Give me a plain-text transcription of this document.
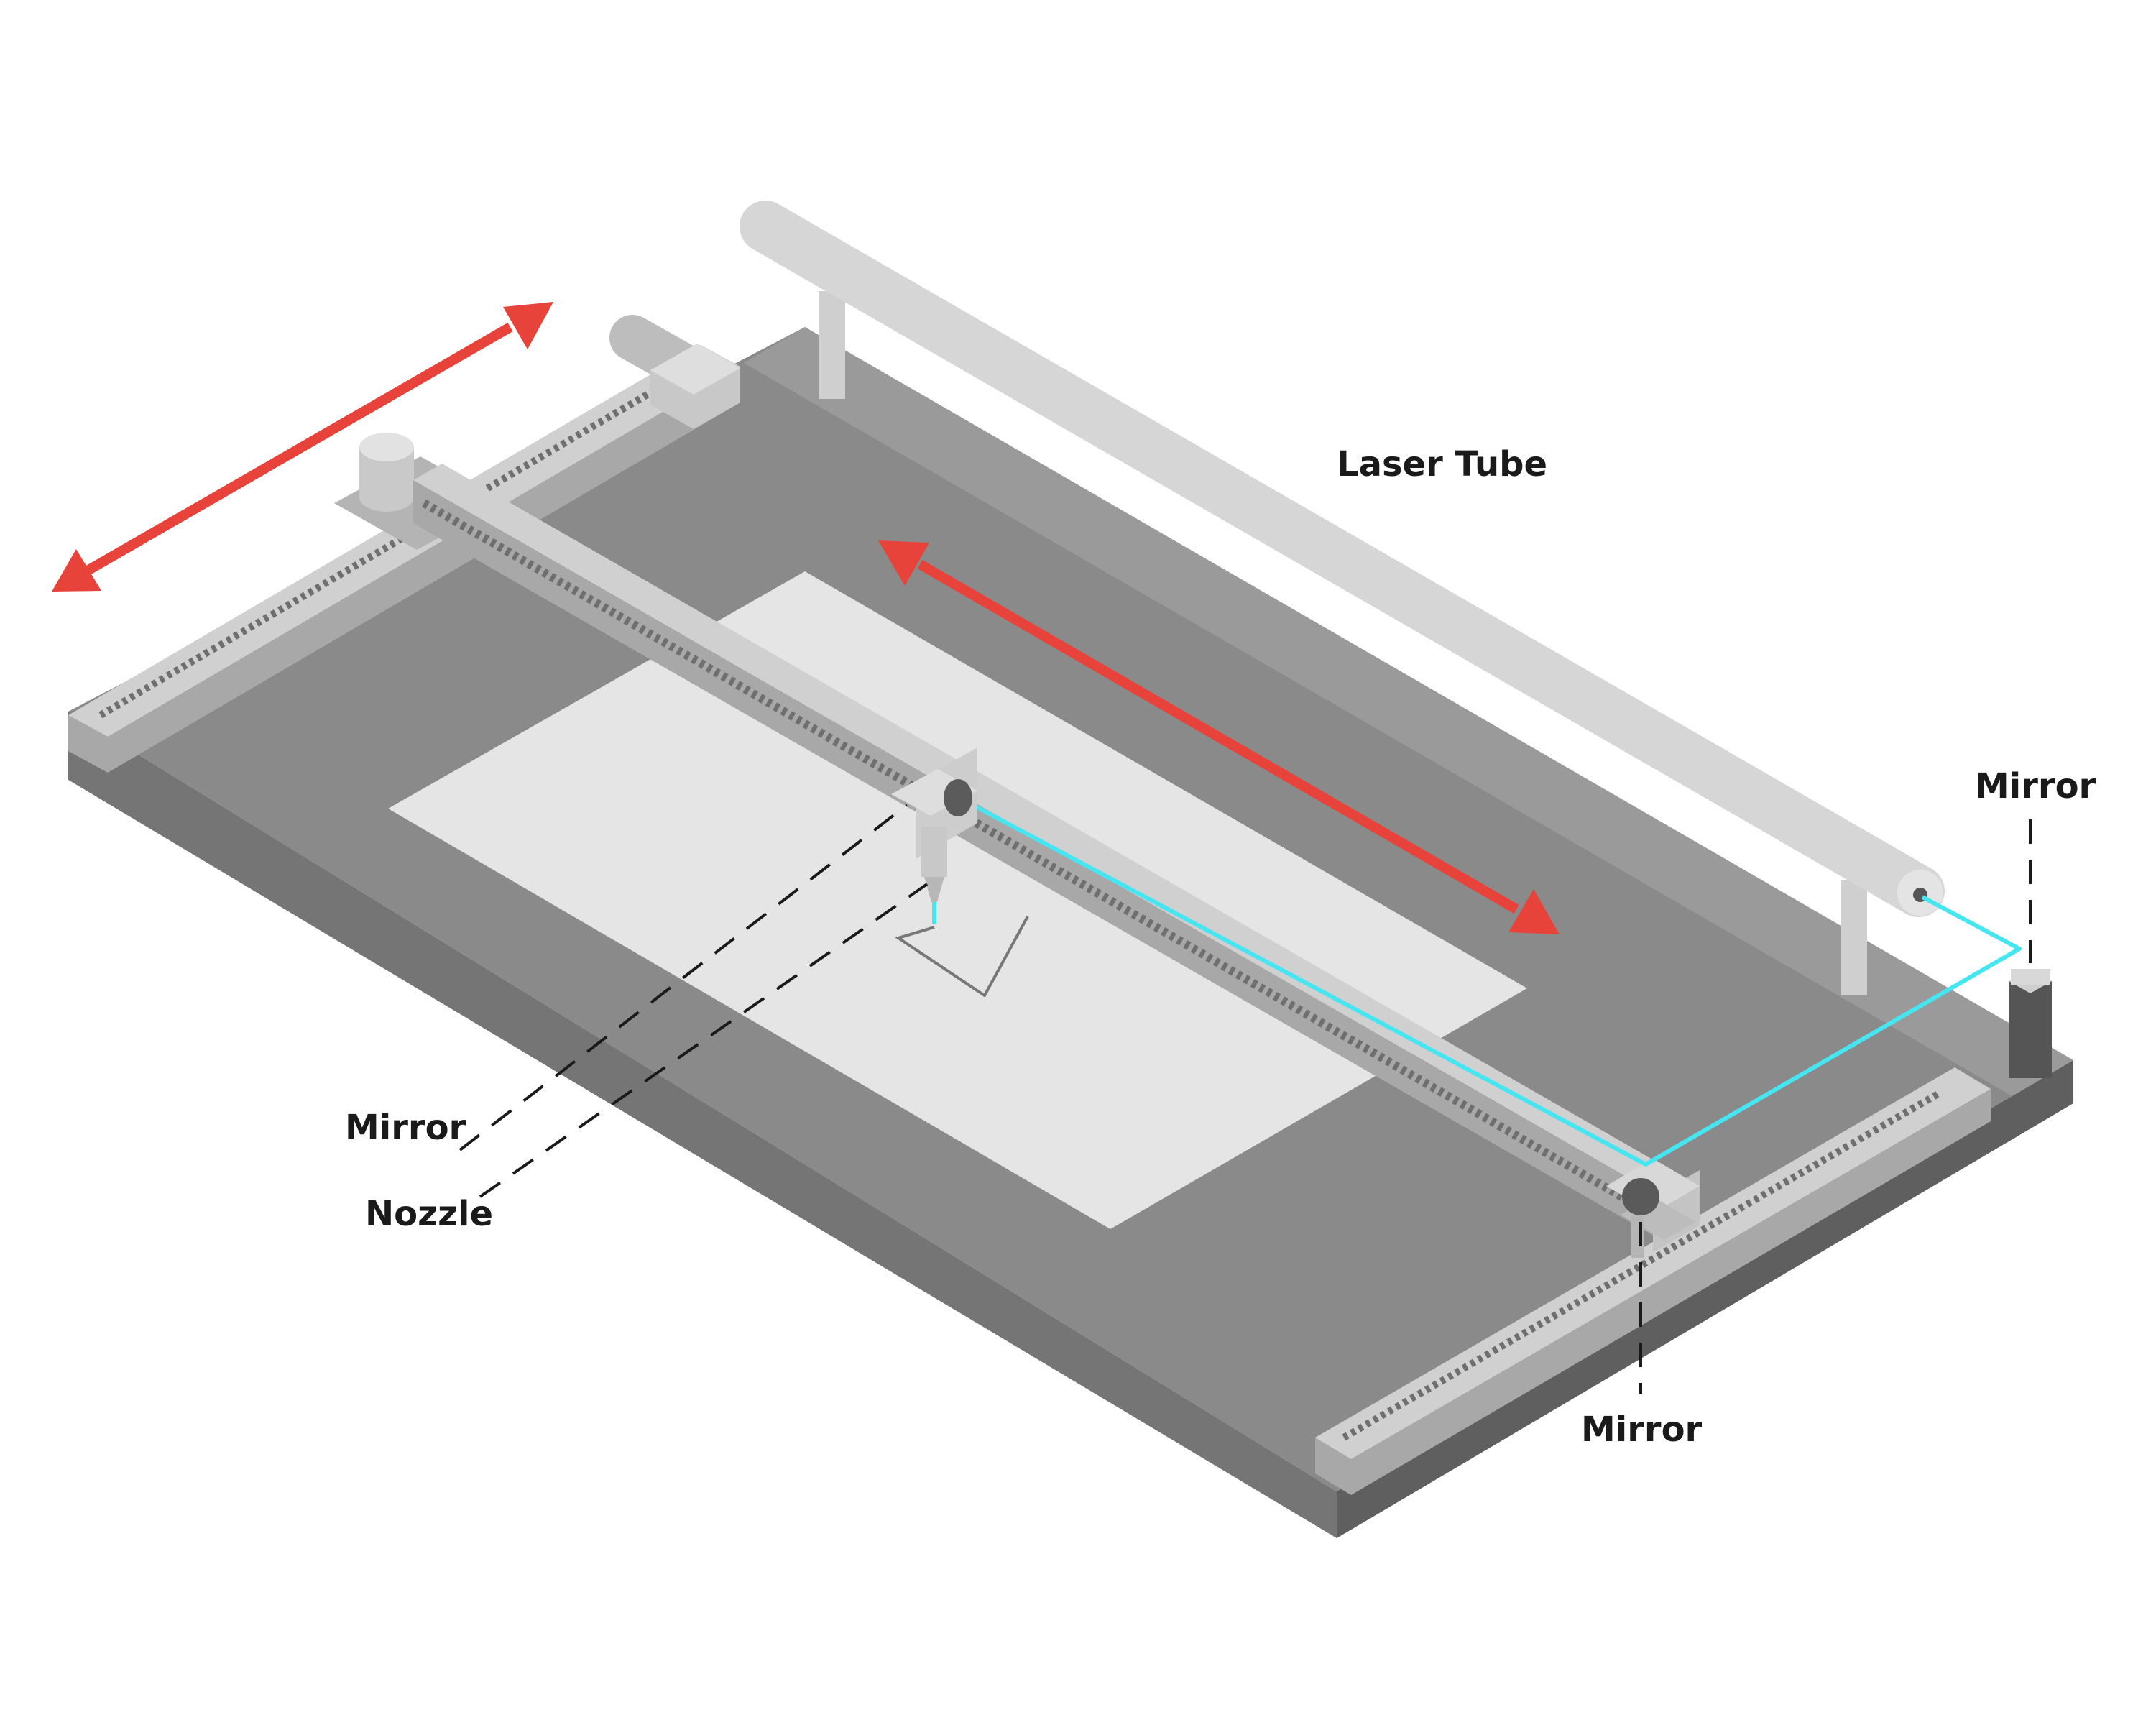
Laser Tube
Mirror
Mirror
Nozzle
Mirror
